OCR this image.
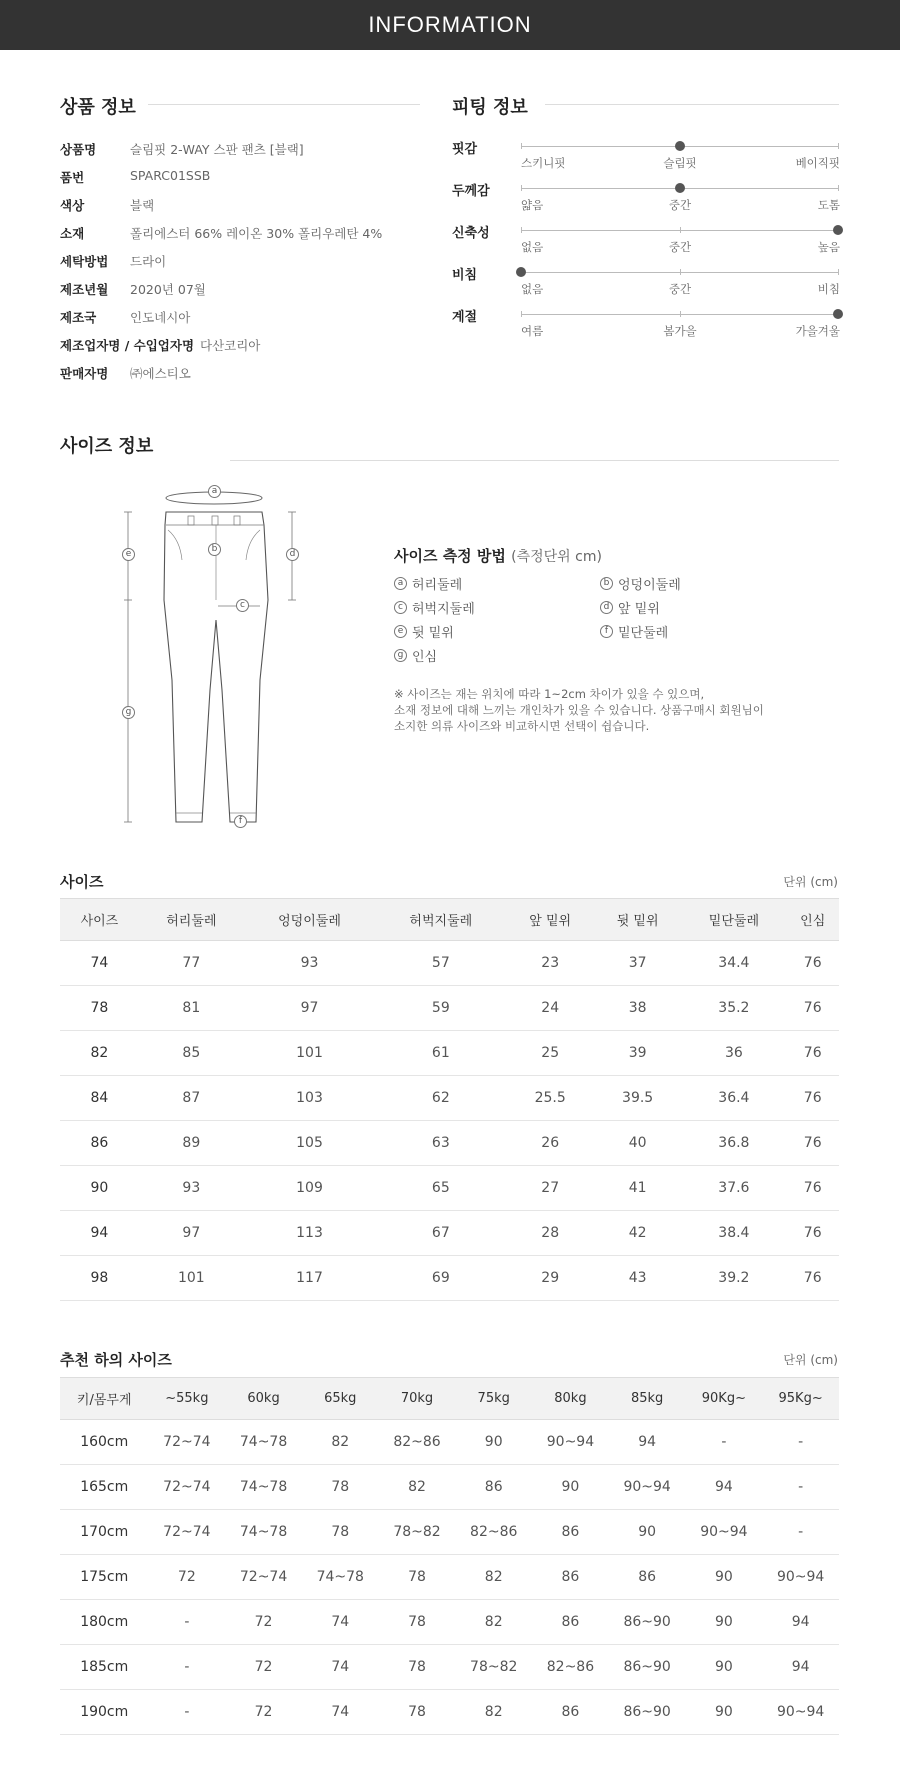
INFORMATION
상품 정보
상품명	슬림핏 2-WAY 스판 팬츠 [블랙]
품번	SPARC01SSB
색상	블랙
소재	폴리에스터 66% 레이온 30% 폴리우레탄 4%
세탁방법	드라이
제조년월	2020년 07월
제조국	인도네시아
제조업자명 / 수입업자명 다산코리아
판매자명	㈜에스티오
피팅 정보
핏감
스키니핏	슬림핏	베이직핏
두께감
얇음	중간	도톰
신축성
없음	중간	높음
비침
없음	중간	비침
계절
여름	봄가을	가을겨울
사이즈 정보
a
b
c
d
e
f
g
사이즈 측정 방법 (측정단위 cm)
a 허리둘레	b 엉덩이둘레
c 허벅지둘레	d 앞 밑위
e 뒷 밑위	f 밑단둘레
g 인심
※ 사이즈는 재는 위치에 따라 1~2cm 차이가 있을 수 있으며,
소재 정보에 대해 느끼는 개인차가 있을 수 있습니다. 상품구매시 회원님이
소지한 의류 사이즈와 비교하시면 선택이 쉽습니다.
사이즈	단위 (cm)
사이즈	허리둘레	엉덩이둘레	허벅지둘레	앞 밑위	뒷 밑위	밑단둘레	인심
74	77	93	57	23	37	34.4	76
78	81	97	59	24	38	35.2	76
82	85	101	61	25	39	36	76
84	87	103	62	25.5	39.5	36.4	76
86	89	105	63	26	40	36.8	76
90	93	109	65	27	41	37.6	76
94	97	113	67	28	42	38.4	76
98	101	117	69	29	43	39.2	76
추천 하의 사이즈	단위 (cm)
키/몸무게	~55kg	60kg	65kg	70kg	75kg	80kg	85kg	90Kg~	95Kg~
160cm	72~74	74~78	82	82~86	90	90~94	94	-	-
165cm	72~74	74~78	78	82	86	90	90~94	94	-
170cm	72~74	74~78	78	78~82	82~86	86	90	90~94	-
175cm	72	72~74	74~78	78	82	86	86	90	90~94
180cm	-	72	74	78	82	86	86~90	90	94
185cm	-	72	74	78	78~82	82~86	86~90	90	94
190cm	-	72	74	78	82	86	86~90	90	90~94
